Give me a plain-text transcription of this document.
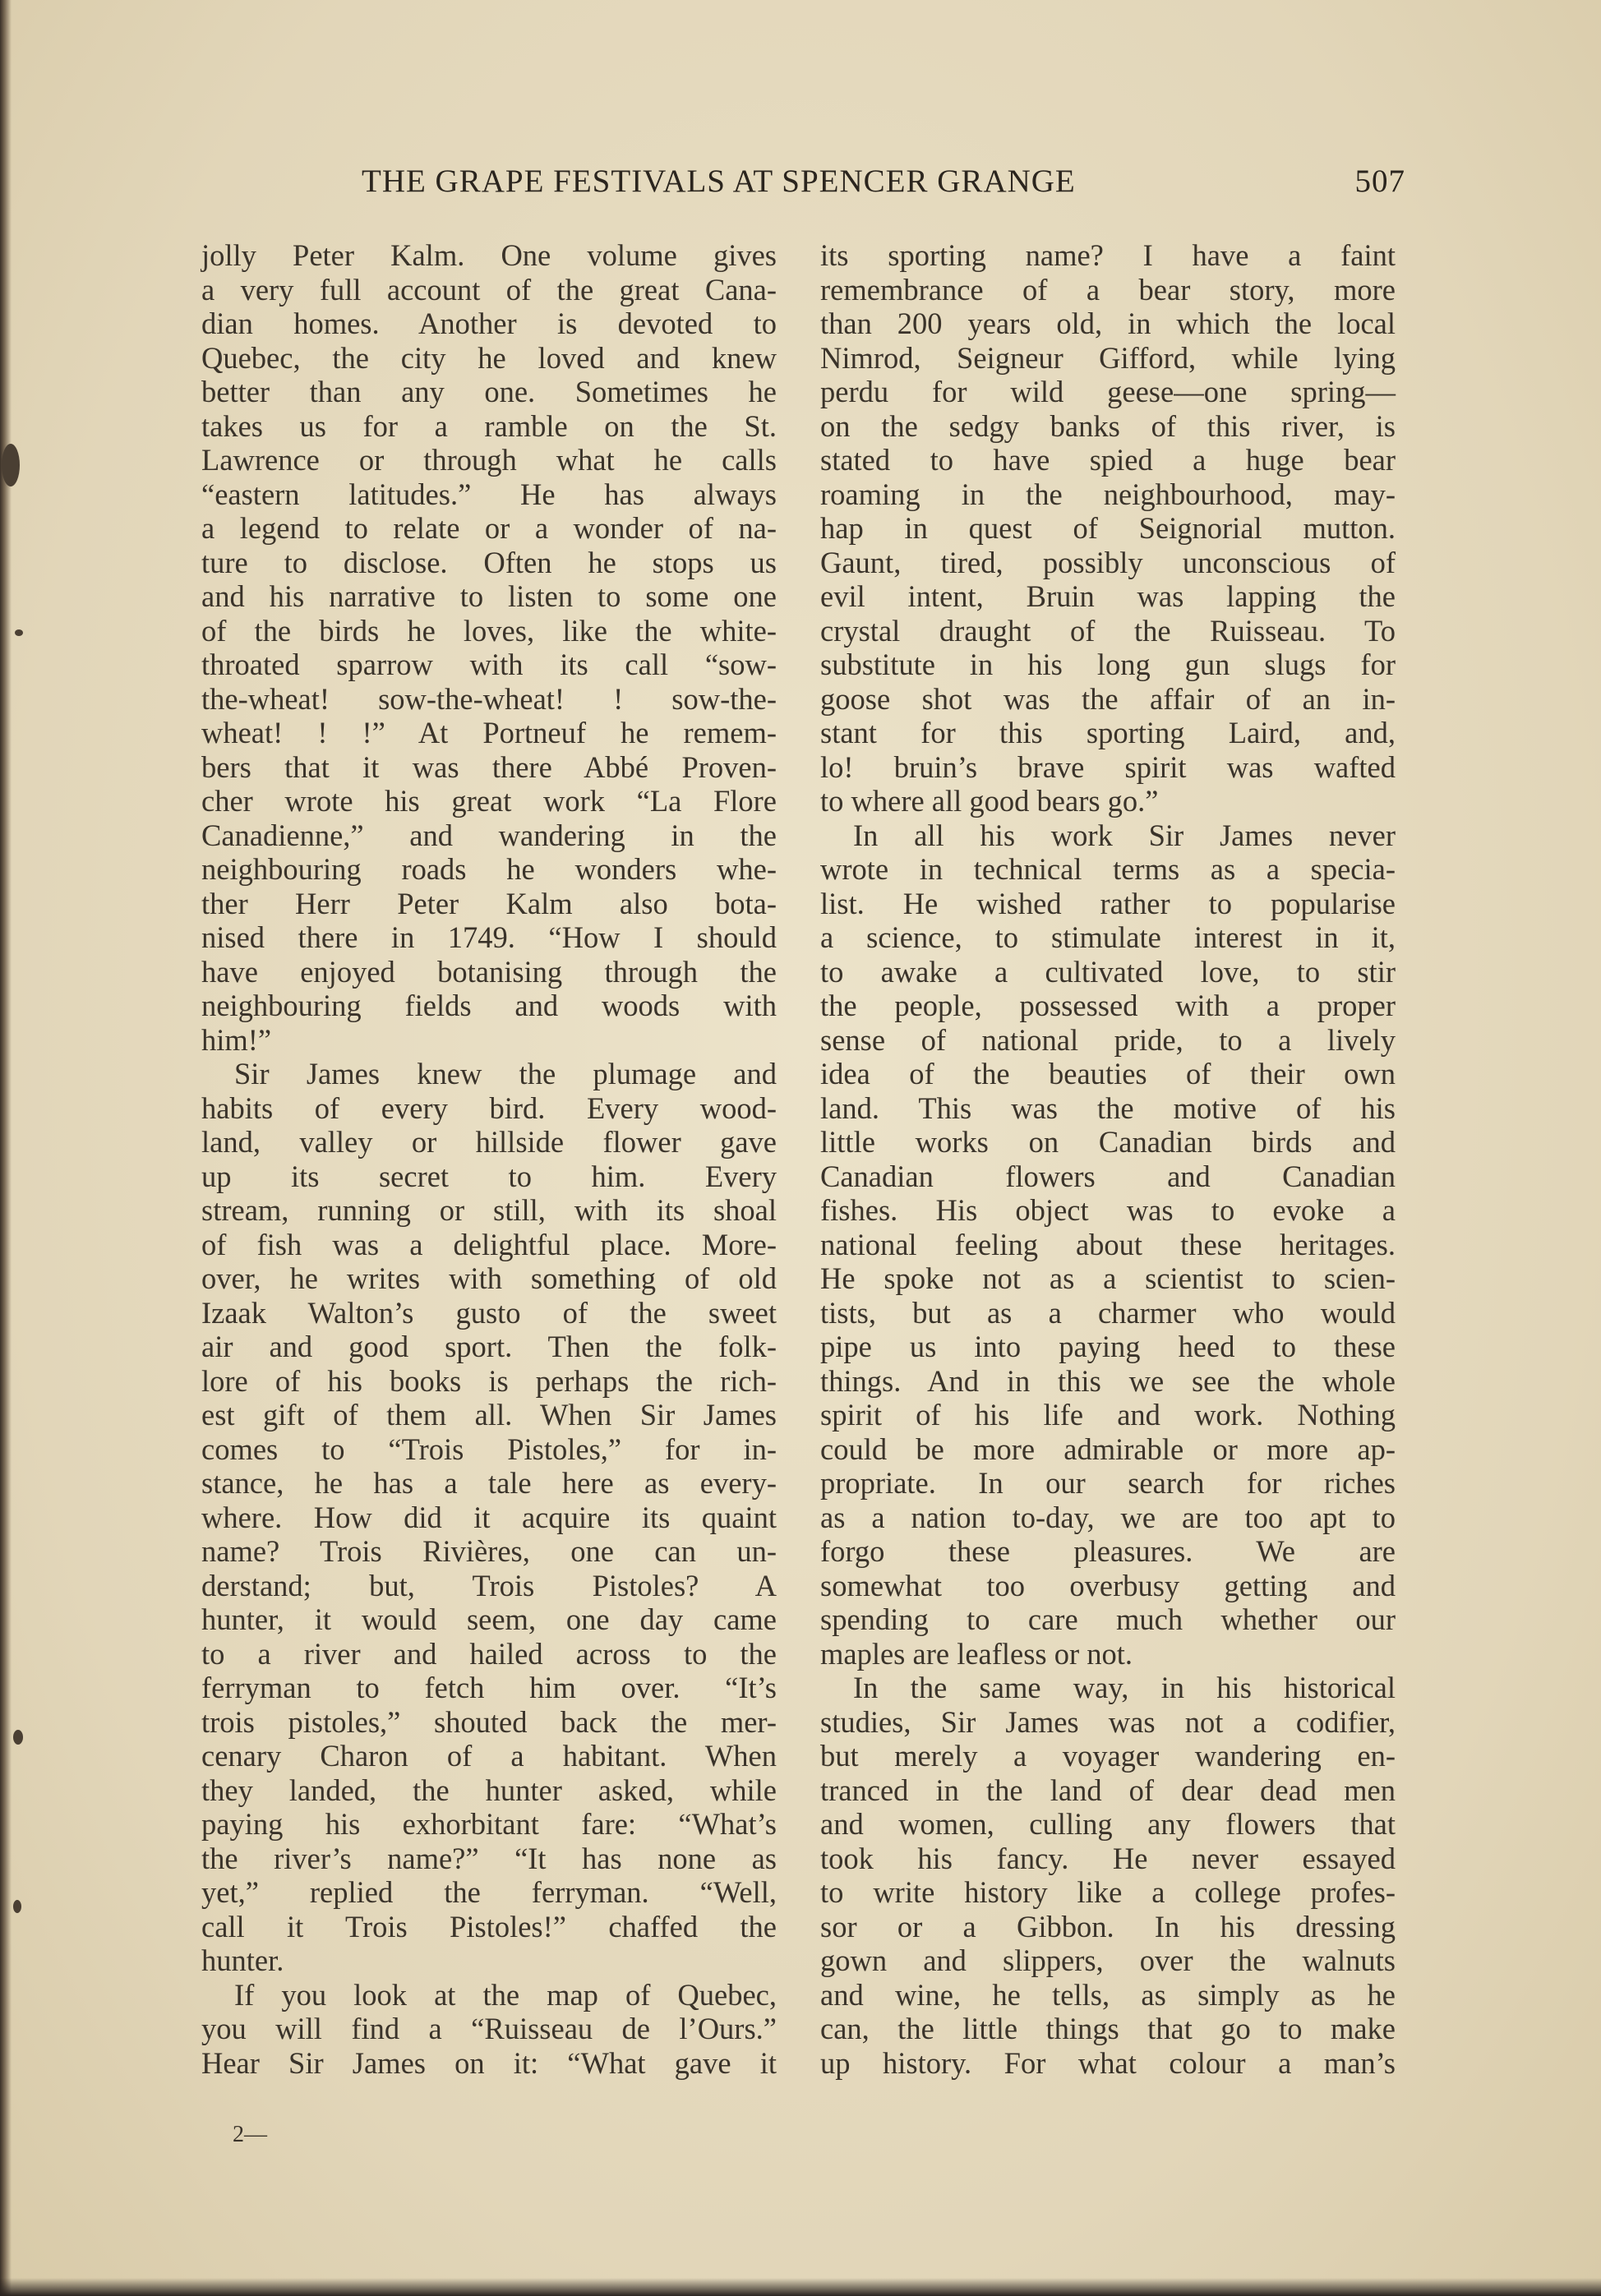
THE GRAPE FESTIVALS AT SPENCER GRANGE	507
jolly Peter Kalm. One volume gives
a very full account of the great Cana-
dian homes. Another is devoted to
Quebec, the city he loved and knew
better than any one. Sometimes he
takes us for a ramble on the St.
Lawrence or through what he calls
“eastern latitudes.” He has always
a legend to relate or a wonder of na-
ture to disclose. Often he stops us
and his narrative to listen to some one
of the birds he loves, like the white-
throated sparrow with its call “sow-
the-wheat! sow-the-wheat! ! sow-the-
wheat! ! !” At Portneuf he remem-
bers that it was there Abbé Proven-
cher wrote his great work “La Flore
Canadienne,” and wandering in the
neighbouring roads he wonders whe-
ther Herr Peter Kalm also bota-
nised there in 1749. “How I should
have enjoyed botanising through the
neighbouring fields and woods with
him!”
Sir James knew the plumage and
habits of every bird. Every wood-
land, valley or hillside flower gave
up its secret to him. Every
stream, running or still, with its shoal
of fish was a delightful place. More-
over, he writes with something of old
Izaak Walton’s gusto of the sweet
air and good sport. Then the folk-
lore of his books is perhaps the rich-
est gift of them all. When Sir James
comes to “Trois Pistoles,” for in-
stance, he has a tale here as every-
where. How did it acquire its quaint
name? Trois Rivières, one can un-
derstand; but, Trois Pistoles? A
hunter, it would seem, one day came
to a river and hailed across to the
ferryman to fetch him over. “It’s
trois pistoles,” shouted back the mer-
cenary Charon of a habitant. When
they landed, the hunter asked, while
paying his exhorbitant fare: “What’s
the river’s name?” “It has none as
yet,” replied the ferryman. “Well,
call it Trois Pistoles!” chaffed the
hunter.
If you look at the map of Quebec,
you will find a “Ruisseau de l’Ours.”
Hear Sir James on it: “What gave it
its sporting name? I have a faint
remembrance of a bear story, more
than 200 years old, in which the local
Nimrod, Seigneur Gifford, while lying
perdu for wild geese—one spring—
on the sedgy banks of this river, is
stated to have spied a huge bear
roaming in the neighbourhood, may-
hap in quest of Seignorial mutton.
Gaunt, tired, possibly unconscious of
evil intent, Bruin was lapping the
crystal draught of the Ruisseau. To
substitute in his long gun slugs for
goose shot was the affair of an in-
stant for this sporting Laird, and,
lo! bruin’s brave spirit was wafted
to where all good bears go.”
In all his work Sir James never
wrote in technical terms as a specia-
list. He wished rather to popularise
a science, to stimulate interest in it,
to awake a cultivated love, to stir
the people, possessed with a proper
sense of national pride, to a lively
idea of the beauties of their own
land. This was the motive of his
little works on Canadian birds and
Canadian flowers and Canadian
fishes. His object was to evoke a
national feeling about these heritages.
He spoke not as a scientist to scien-
tists, but as a charmer who would
pipe us into paying heed to these
things. And in this we see the whole
spirit of his life and work. Nothing
could be more admirable or more ap-
propriate. In our search for riches
as a nation to-day, we are too apt to
forgo these pleasures. We are
somewhat too overbusy getting and
spending to care much whether our
maples are leafless or not.
In the same way, in his historical
studies, Sir James was not a codifier,
but merely a voyager wandering en-
tranced in the land of dear dead men
and women, culling any flowers that
took his fancy. He never essayed
to write history like a college profes-
sor or a Gibbon. In his dressing
gown and slippers, over the walnuts
and wine, he tells, as simply as he
can, the little things that go to make
up history. For what colour a man’s
2—
